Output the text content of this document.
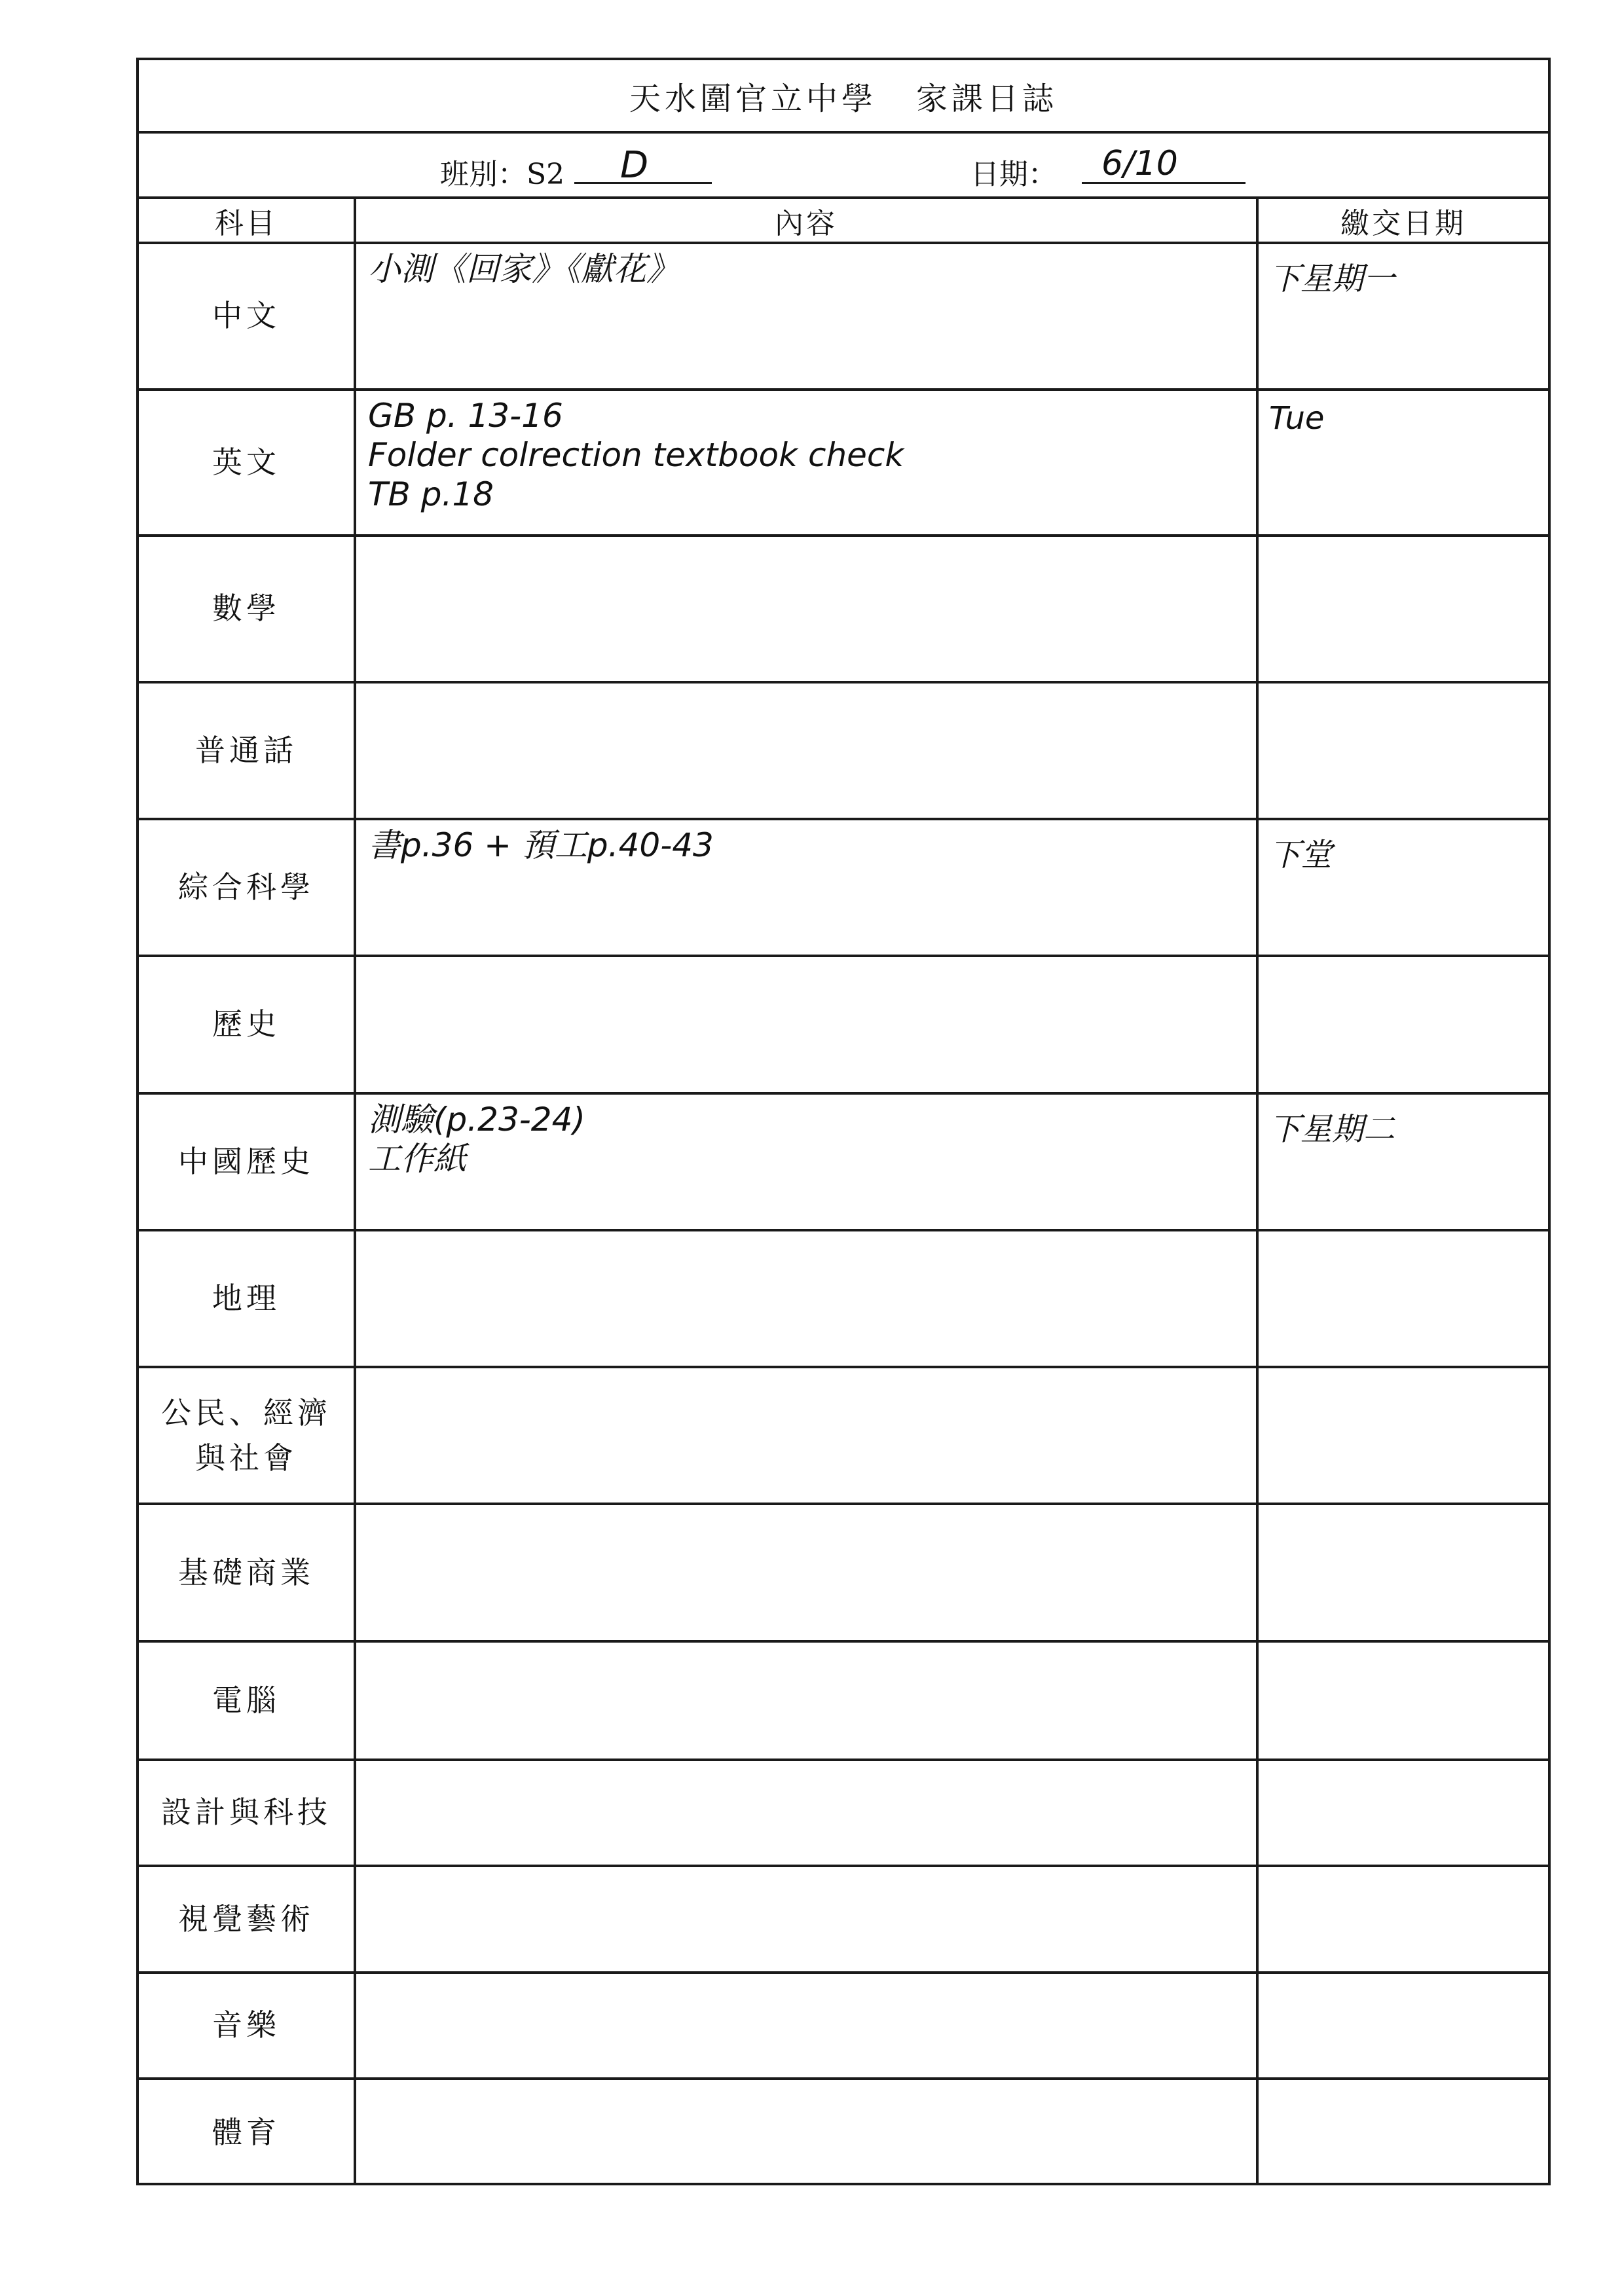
天水圍官立中學 家課日誌
班別：S2 D	日期： 6/10
科目	內容	繳交日期
中文	小測《回家》《獻花》	下星期一
英文	GB p. 13-16
Folder colrection textbook check
TB p.18	Tue
數學		
普通話		
綜合科學	書p.36 + 預工p.40-43	下堂
歷史		
中國歷史	測驗(p.23-24)
工作紙	下星期二
地理		
公民、經濟
與社會		
基礎商業		
電腦		
設計與科技		
視覺藝術		
音樂		
體育		
